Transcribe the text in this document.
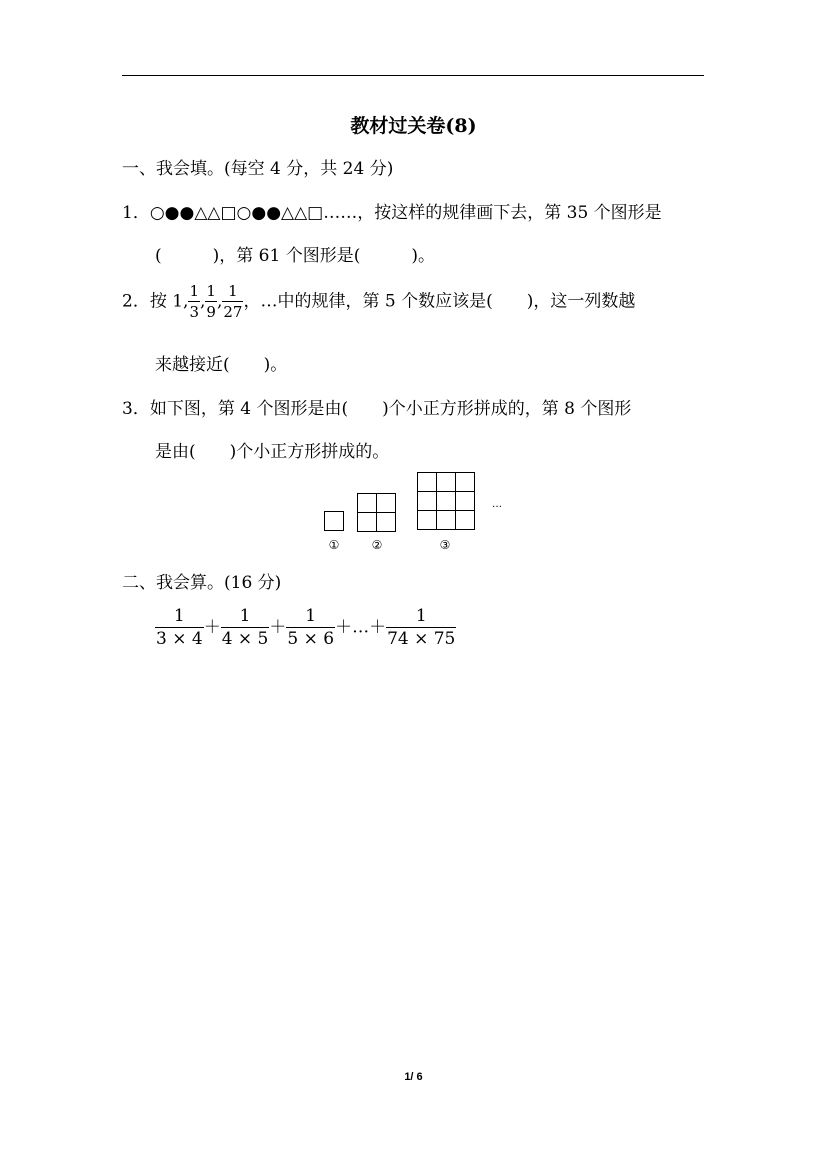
教材过关卷(8)
一、我会填。(每空 4 分，共 24 分)
1．○●●△△□○●●△△□……，按这样的规律画下去，第 35 个图形是
(　　　)，第 61 个图形是(　　　)。
2．按 1, $\frac{1}{3}$ , $\frac{1}{9}$ , $\frac{1}{27}$ ，…中的规律，第 5 个数应该是(　　)，这一列数越
来越接近(　　)。
3．如下图，第 4 个图形是由(　　)个小正方形拼成的，第 8 个图形
是由(　　)个小正方形拼成的。
①	②	③
…
二、我会算。(16 分)
$\frac{1}{3 \times 4} + \frac{1}{4 \times 5} + \frac{1}{5 \times 6}$ ＋…＋ $\frac{1}{74 \times 75}$
1/ 6
